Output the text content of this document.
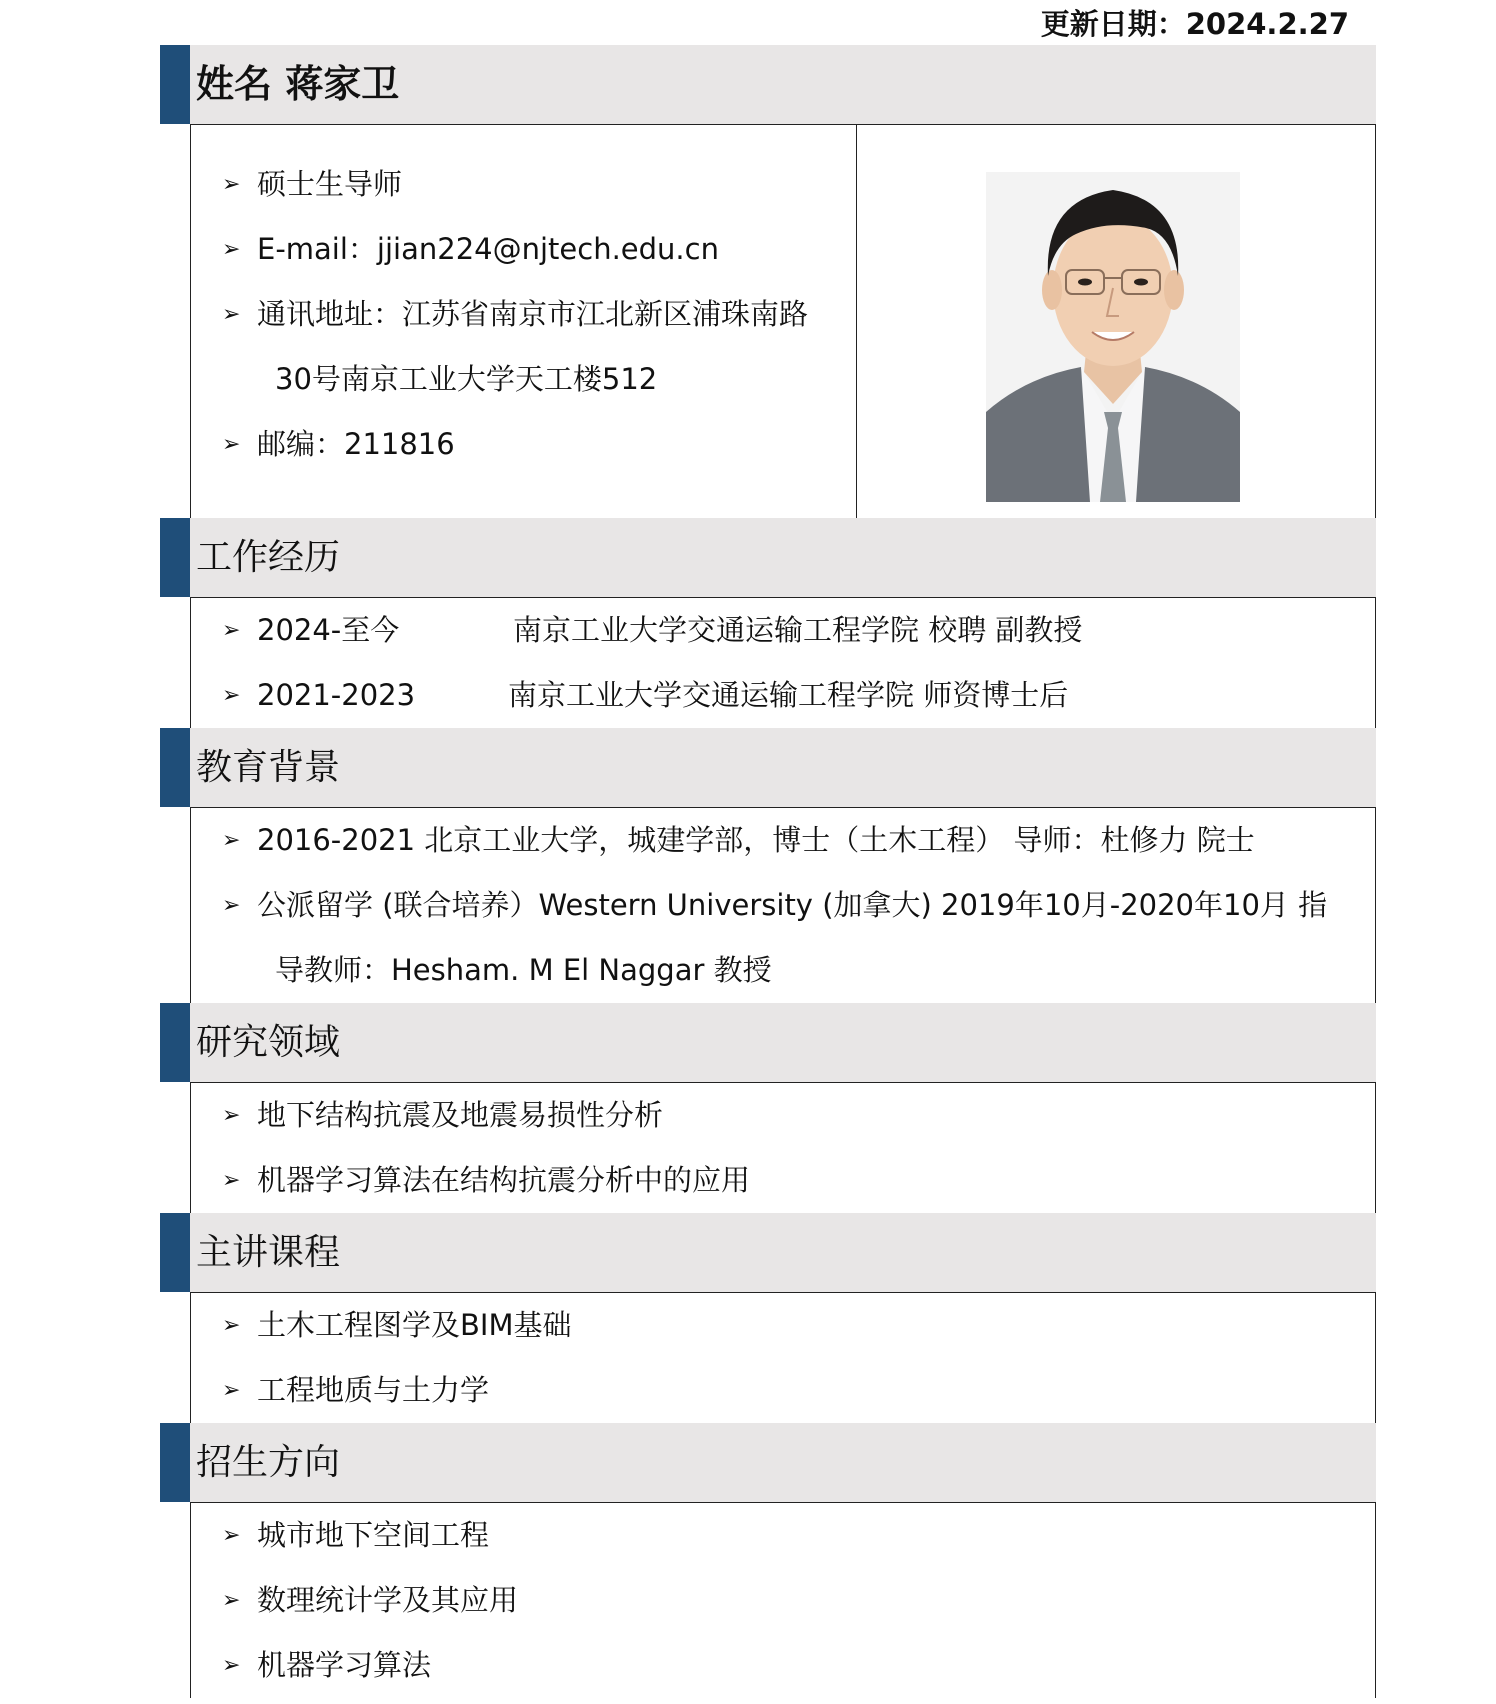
更新日期：2024.2.27
姓名 蒋家卫
➢ 硕士生导师
➢ E-mail：jjian224@njtech.edu.cn
➢ 通讯地址：江苏省南京市江北新区浦珠南路
30号南京工业大学天工楼512
➢ 邮编：211816
工作经历
➢ 2024-至今	南京工业大学交通运输工程学院 校聘 副教授
➢ 2021-2023	南京工业大学交通运输工程学院 师资博士后
教育背景
➢ 2016-2021 北京工业大学，城建学部，博士（土木工程） 导师：杜修力 院士
➢ 公派留学 (联合培养）Western University (加拿大) 2019年10月-2020年10月 指
导教师：Hesham. M El Naggar 教授
研究领域
➢ 地下结构抗震及地震易损性分析
➢ 机器学习算法在结构抗震分析中的应用
主讲课程
➢ 土木工程图学及BIM基础
➢ 工程地质与土力学
招生方向
➢ 城市地下空间工程
➢ 数理统计学及其应用
➢ 机器学习算法
